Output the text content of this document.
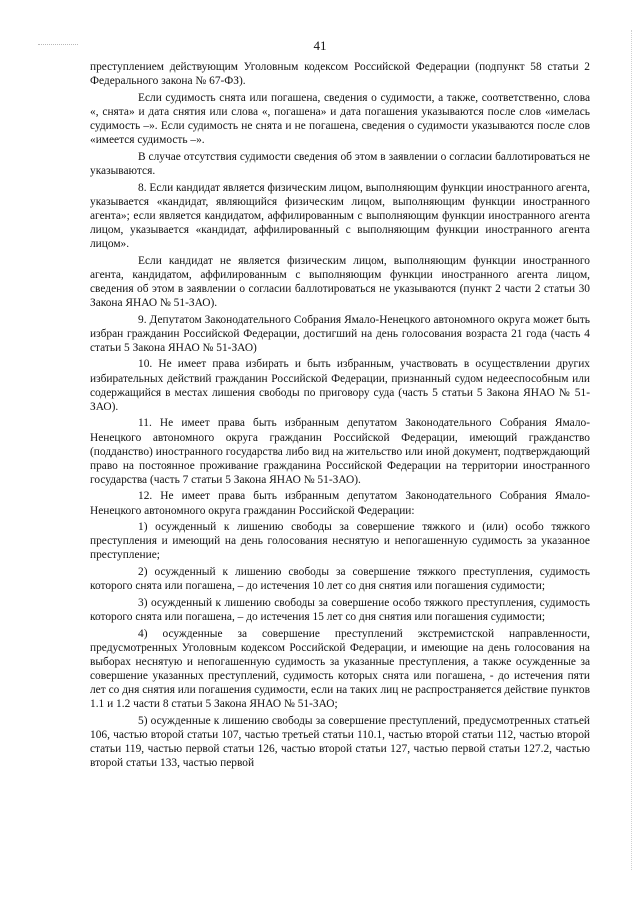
41

преступлением действующим Уголовным кодексом Российской Федерации (подпункт 58 статьи 2 Федерального закона № 67-ФЗ).

Если судимость снята или погашена, сведения о судимости, а также, соответственно, слова «, снята» и дата снятия или слова «, погашена» и дата погашения указываются после слов «имелась судимость –». Если судимость не снята и не погашена, сведения о судимости указываются после слов «имеется судимость –».

В случае отсутствия судимости сведения об этом в заявлении о согласии баллотироваться не указываются.

8. Если кандидат является физическим лицом, выполняющим функции иностранного агента, указывается «кандидат, являющийся физическим лицом, выполняющим функции иностранного агента»; если является кандидатом, аффилированным с выполняющим функции иностранного агента лицом, указывается «кандидат, аффилированный с выполняющим функции иностранного агента лицом».

Если кандидат не является физическим лицом, выполняющим функции иностранного агента, кандидатом, аффилированным с выполняющим функции иностранного агента лицом, сведения об этом в заявлении о согласии баллотироваться не указываются (пункт 2 части 2 статьи 30 Закона ЯНАО № 51-ЗАО).

9. Депутатом Законодательного Собрания Ямало-Ненецкого автономного округа может быть избран гражданин Российской Федерации, достигший на день голосования возраста 21 года (часть 4 статьи 5 Закона ЯНАО № 51-ЗАО)

10. Не имеет права избирать и быть избранным, участвовать в осуществлении других избирательных действий гражданин Российской Федерации, признанный судом недееспособным или содержащийся в местах лишения свободы по приговору суда (часть 5 статьи 5 Закона ЯНАО № 51-ЗАО).

11. Не имеет права быть избранным депутатом Законодательного Собрания Ямало-Ненецкого автономного округа гражданин Российской Федерации, имеющий гражданство (подданство) иностранного государства либо вид на жительство или иной документ, подтверждающий право на постоянное проживание гражданина Российской Федерации на территории иностранного государства (часть 7 статьи 5 Закона ЯНАО № 51-ЗАО).

12. Не имеет права быть избранным депутатом Законодательного Собрания Ямало-Ненецкого автономного округа гражданин Российской Федерации:

1) осужденный к лишению свободы за совершение тяжкого и (или) особо тяжкого преступления и имеющий на день голосования неснятую и непогашенную судимость за указанное преступление;

2) осужденный к лишению свободы за совершение тяжкого преступления, судимость которого снята или погашена, – до истечения 10 лет со дня снятия или погашения судимости;

3) осужденный к лишению свободы за совершение особо тяжкого преступления, судимость которого снята или погашена, – до истечения 15 лет со дня снятия или погашения судимости;

4) осужденные за совершение преступлений экстремистской направленности, предусмотренных Уголовным кодексом Российской Федерации, и имеющие на день голосования на выборах неснятую и непогашенную судимость за указанные преступления, а также осужденные за совершение указанных преступлений, судимость которых снята или погашена, - до истечения пяти лет со дня снятия или погашения судимости, если на таких лиц не распространяется действие пунктов 1.1 и 1.2 части 8 статьи 5 Закона ЯНАО № 51-ЗАО;

5) осужденные к лишению свободы за совершение преступлений, предусмотренных статьей 106, частью второй статьи 107, частью третьей статьи 110.1, частью второй статьи 112, частью второй статьи 119, частью первой статьи 126, частью второй статьи 127, частью первой статьи 127.2, частью второй статьи 133, частью первой
